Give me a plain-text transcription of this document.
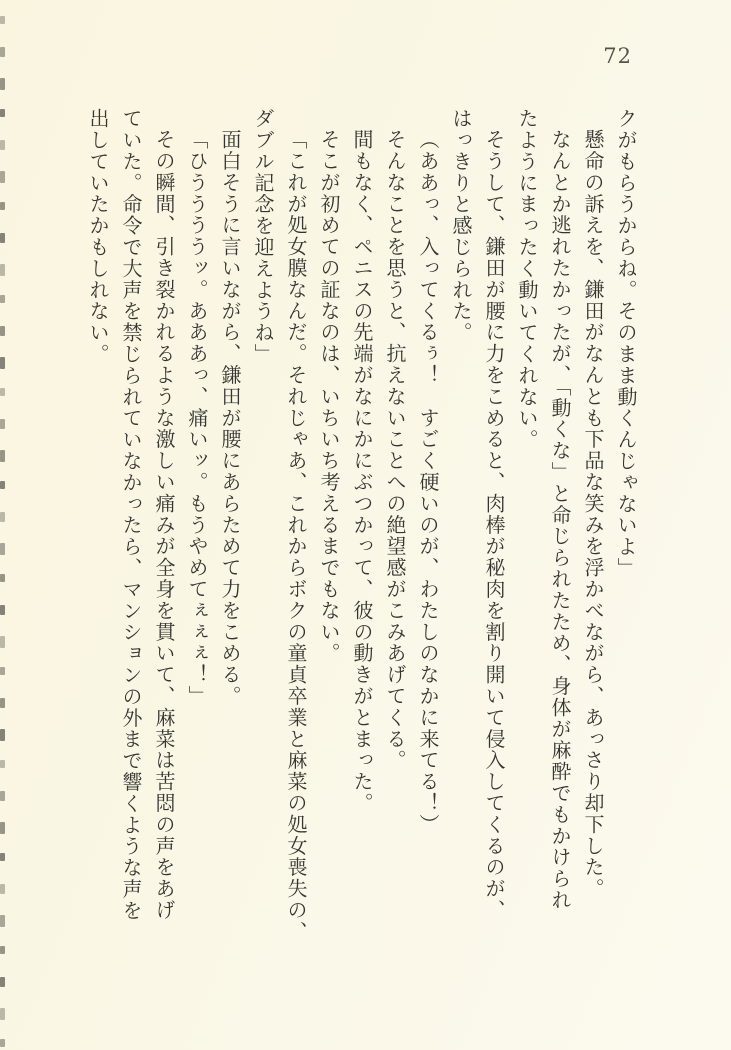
72
クがもらうからね。そのまま動くんじゃないよ」
懸命の訴えを、鎌田がなんとも下品な笑みを浮かべながら、あっさり却下した。
なんとか逃れたかったが、「動くな」と命じられたため、身体が麻酔でもかけられ
たようにまったく動いてくれない。
そうして、鎌田が腰に力をこめると、肉棒が秘肉を割り開いて侵入してくるのが、
はっきりと感じられた。
（ああっ、入ってくるぅ！　すごく硬いのが、わたしのなかに来てる！）
そんなことを思うと、抗えないことへの絶望感がこみあげてくる。
間もなく、ペニスの先端がなにかにぶつかって、彼の動きがとまった。
そこが初めての証なのは、いちいち考えるまでもない。
「これが処女膜なんだ。それじゃあ、これからボクの童貞卒業と麻菜の処女喪失の、
ダブル記念を迎えようね」
面白そうに言いながら、鎌田が腰にあらためて力をこめる。
「ひううううッ。あああっ、痛いッ。もうやめてぇぇぇ！」
その瞬間、引き裂かれるような激しい痛みが全身を貫いて、麻菜は苦悶の声をあげ
ていた。命令で大声を禁じられていなかったら、マンションの外まで響くような声を
出していたかもしれない。
